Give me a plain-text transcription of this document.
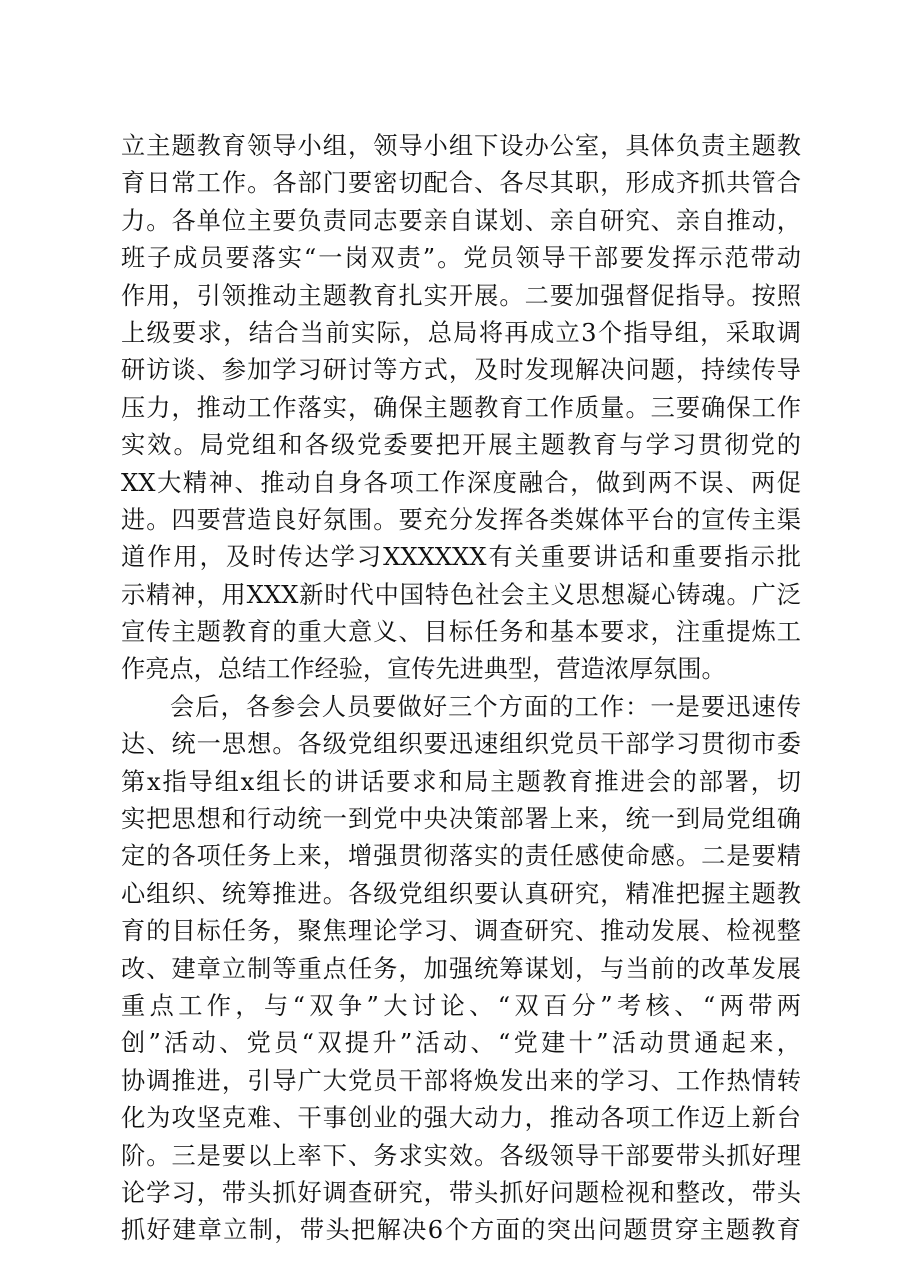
立主题教育领导小组，领导小组下设办公室，具体负责主题教
育日常工作。各部门要密切配合、各尽其职，形成齐抓共管合
力。各单位主要负责同志要亲自谋划、亲自研究、亲自推动，
班子成员要落实“一岗双责”。党员领导干部要发挥示范带动
作用，引领推动主题教育扎实开展。二要加强督促指导。按照
上级要求，结合当前实际，总局将再成立3个指导组，采取调
研访谈、参加学习研讨等方式，及时发现解决问题，持续传导
压力，推动工作落实，确保主题教育工作质量。三要确保工作
实效。局党组和各级党委要把开展主题教育与学习贯彻党的
XX大精神、推动自身各项工作深度融合，做到两不误、两促
进。四要营造良好氛围。要充分发挥各类媒体平台的宣传主渠
道作用，及时传达学习XXXXXX有关重要讲话和重要指示批
示精神，用XXX新时代中国特色社会主义思想凝心铸魂。广泛
宣传主题教育的重大意义、目标任务和基本要求，注重提炼工
作亮点，总结工作经验，宣传先进典型，营造浓厚氛围。
会后，各参会人员要做好三个方面的工作：一是要迅速传
达、统一思想。各级党组织要迅速组织党员干部学习贯彻市委
第x指导组x组长的讲话要求和局主题教育推进会的部署，切
实把思想和行动统一到党中央决策部署上来，统一到局党组确
定的各项任务上来，增强贯彻落实的责任感使命感。二是要精
心组织、统筹推进。各级党组织要认真研究，精准把握主题教
育的目标任务，聚焦理论学习、调查研究、推动发展、检视整
改、建章立制等重点任务，加强统筹谋划，与当前的改革发展
重点工作，与“双争”大讨论、“双百分”考核、“两带两
创”活动、党员“双提升”活动、“党建十”活动贯通起来，
协调推进，引导广大党员干部将焕发出来的学习、工作热情转
化为攻坚克难、干事创业的强大动力，推动各项工作迈上新台
阶。三是要以上率下、务求实效。各级领导干部要带头抓好理
论学习，带头抓好调查研究，带头抓好问题检视和整改，带头
抓好建章立制，带头把解决6个方面的突出问题贯穿主题教育
